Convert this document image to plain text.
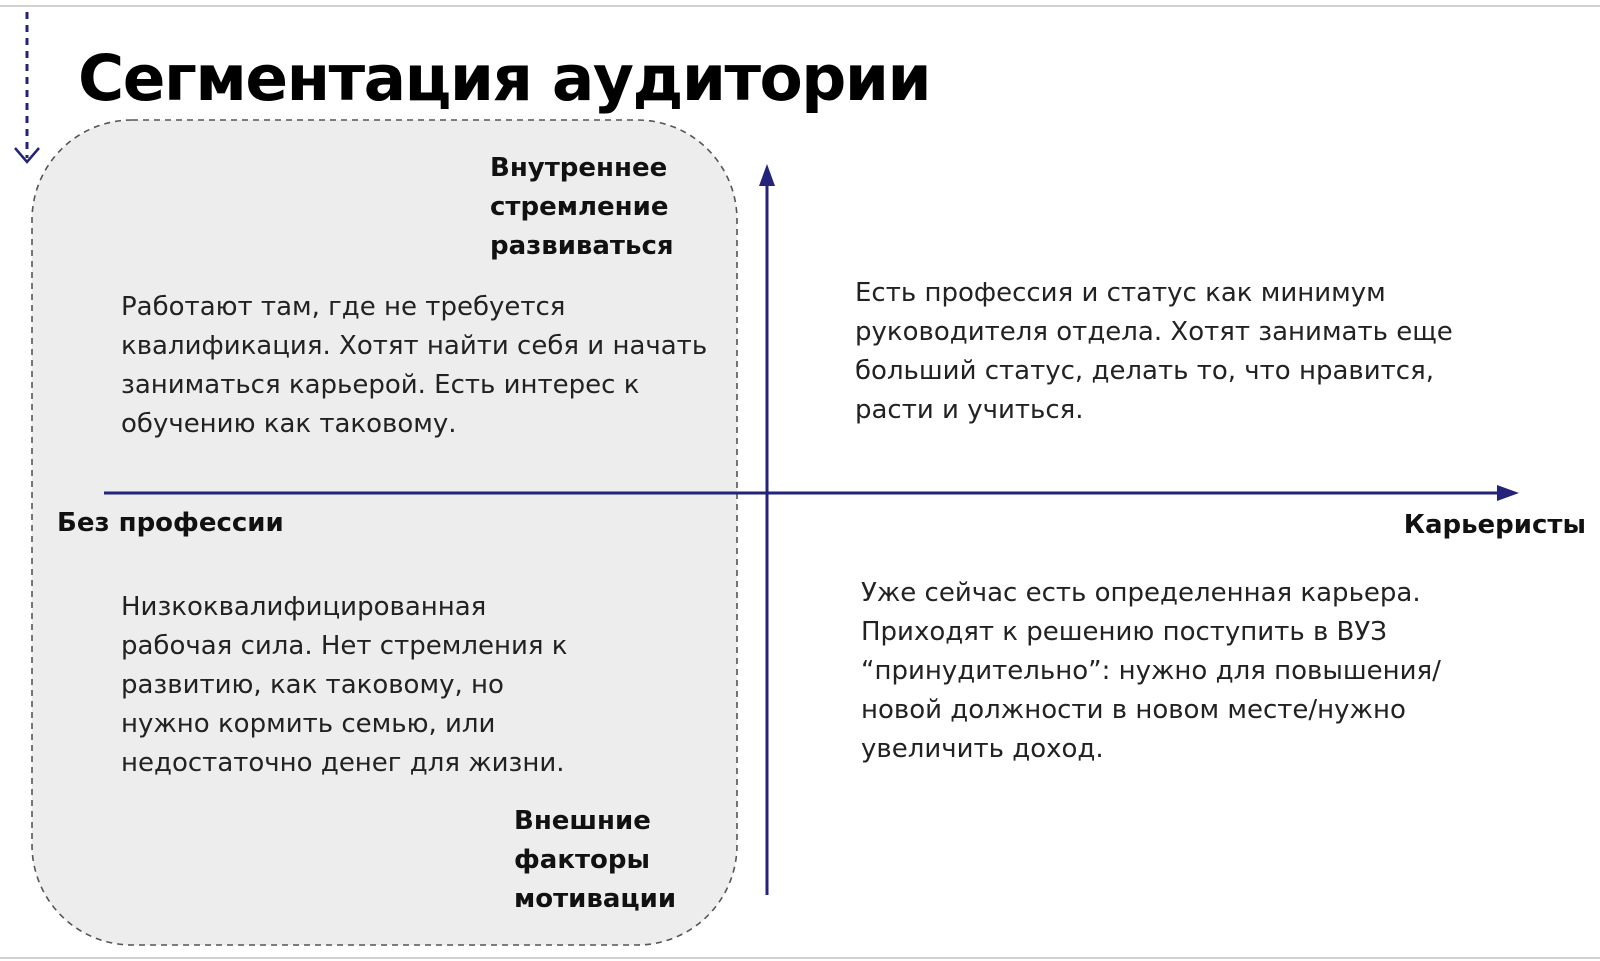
Сегментация аудитории
Внутреннее стремление развиваться
Внешние факторы мотивации
Без профессии	Карьеристы
Работают там, где не требуется квалификация. Хотят найти себя и начать заниматься карьерой. Есть интерес к обучению как таковому.
Есть профессия и статус как минимум руководителя отдела. Хотят занимать еще больший статус, делать то, что нравится, расти и учиться.
Низкоквалифицированная рабочая сила. Нет стремления к развитию, как таковому, но нужно кормить семью, или недостаточно денег для жизни.
Уже сейчас есть определенная карьера. Приходят к решению поступить в ВУЗ “принудительно”: нужно для повышения/новой должности в новом месте/нужно увеличить доход.
